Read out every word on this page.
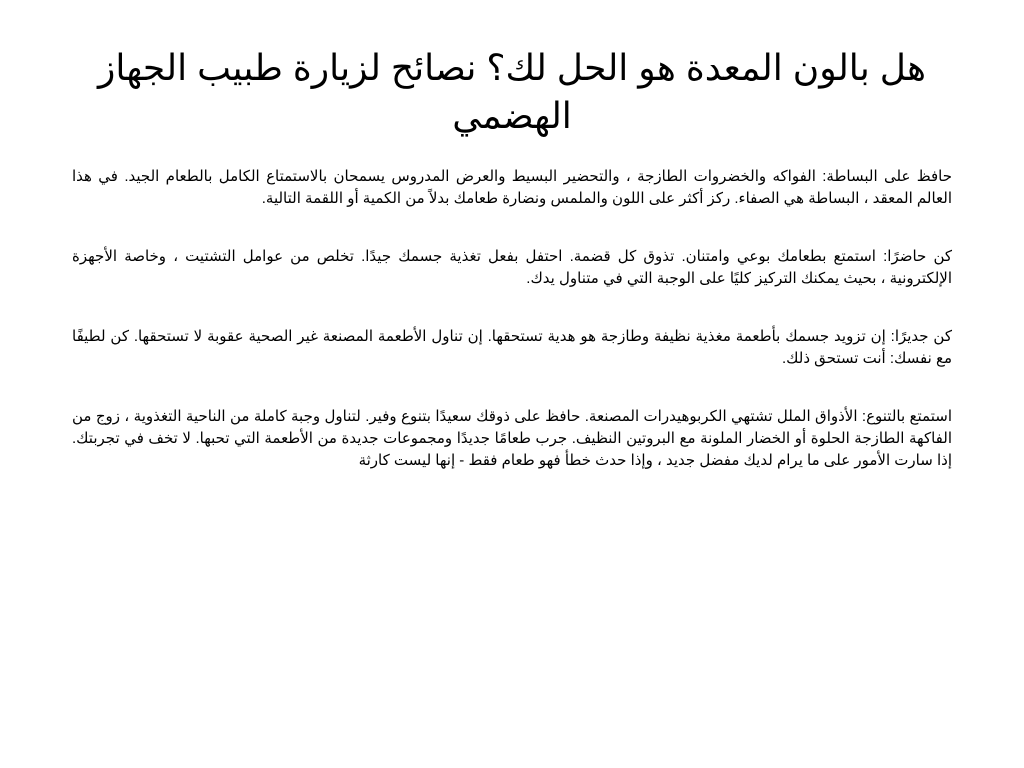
هل بالون المعدة هو الحل لك؟ نصائح لزيارة طبيب الجهاز الهضمي

حافظ على البساطة: الفواكه والخضروات الطازجة ، والتحضير البسيط والعرض المدروس يسمحان بالاستمتاع الكامل بالطعام الجيد. في هذا العالم المعقد ، البساطة هي الصفاء. ركز أكثر على اللون والملمس ونضارة طعامك بدلاً من الكمية أو اللقمة التالية.

كن حاضرًا: استمتع بطعامك بوعي وامتنان. تذوق كل قضمة. احتفل بفعل تغذية جسمك جيدًا. تخلص من عوامل التشتيت ، وخاصة الأجهزة الإلكترونية ، بحيث يمكنك التركيز كليًا على الوجبة التي في متناول يدك.

كن جديرًا: إن تزويد جسمك بأطعمة مغذية نظيفة وطازجة هو هدية تستحقها. إن تناول الأطعمة المصنعة غير الصحية عقوبة لا تستحقها. كن لطيفًا مع نفسك: أنت تستحق ذلك.

استمتع بالتنوع: الأذواق الملل تشتهي الكربوهيدرات المصنعة. حافظ على ذوقك سعيدًا بتنوع وفير. لتناول وجبة كاملة من الناحية التغذوية ، زوج من الفاكهة الطازجة الحلوة أو الخضار الملونة مع البروتين النظيف. جرب طعامًا جديدًا ومجموعات جديدة من الأطعمة التي تحبها. لا تخف في تجربتك. إذا سارت الأمور على ما يرام لديك مفضل جديد ، وإذا حدث خطأ فهو طعام فقط - إنها ليست كارثة
